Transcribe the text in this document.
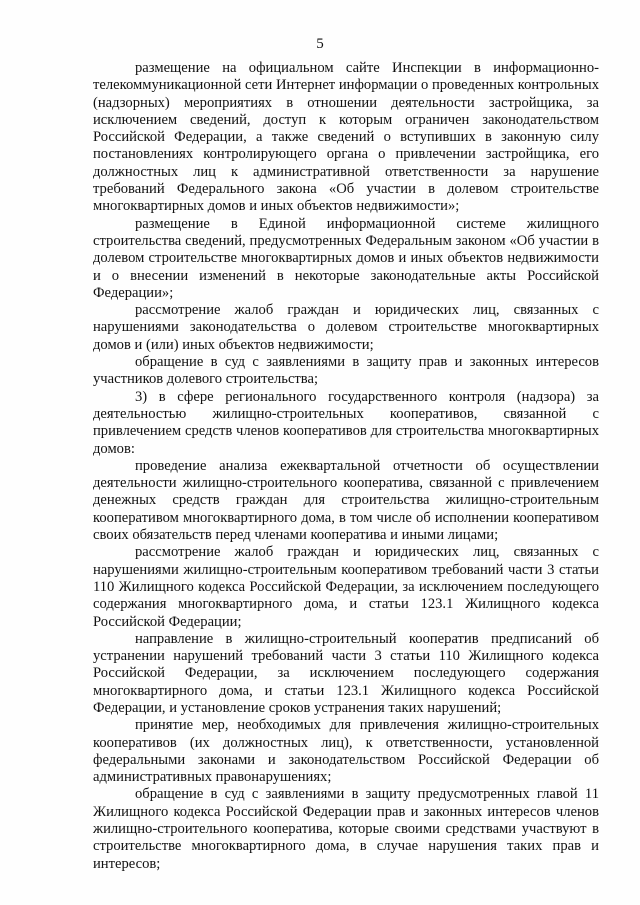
5

размещение на официальном сайте Инспекции в информационно-телекоммуникационной сети Интернет информации о проведенных контрольных (надзорных) мероприятиях в отношении деятельности застройщика, за исключением сведений, доступ к которым ограничен законодательством Российской Федерации, а также сведений о вступивших в законную силу постановлениях контролирующего органа о привлечении застройщика, его должностных лиц к административной ответственности за нарушение требований Федерального закона «Об участии в долевом строительстве многоквартирных домов и иных объектов недвижимости»;

размещение в Единой информационной системе жилищного строительства сведений, предусмотренных Федеральным законом «Об участии в долевом строительстве многоквартирных домов и иных объектов недвижимости и о внесении изменений в некоторые законодательные акты Российской Федерации»;

рассмотрение жалоб граждан и юридических лиц, связанных с нарушениями законодательства о долевом строительстве многоквартирных домов и (или) иных объектов недвижимости;

обращение в суд с заявлениями в защиту прав и законных интересов участников долевого строительства;

3) в сфере регионального государственного контроля (надзора) за деятельностью жилищно-строительных кооперативов, связанной с привлечением средств членов кооперативов для строительства многоквартирных домов:

проведение анализа ежеквартальной отчетности об осуществлении деятельности жилищно-строительного кооператива, связанной с привлечением денежных средств граждан для строительства жилищно-строительным кооперативом многоквартирного дома, в том числе об исполнении кооперативом своих обязательств перед членами кооператива и иными лицами;

рассмотрение жалоб граждан и юридических лиц, связанных с нарушениями жилищно-строительным кооперативом требований части 3 статьи 110 Жилищного кодекса Российской Федерации, за исключением последующего содержания многоквартирного дома, и статьи 123.1 Жилищного кодекса Российской Федерации;

направление в жилищно-строительный кооператив предписаний об устранении нарушений требований части 3 статьи 110 Жилищного кодекса Российской Федерации, за исключением последующего содержания многоквартирного дома, и статьи 123.1 Жилищного кодекса Российской Федерации, и установление сроков устранения таких нарушений;

принятие мер, необходимых для привлечения жилищно-строительных кооперативов (их должностных лиц), к ответственности, установленной федеральными законами и законодательством Российской Федерации об административных правонарушениях;

обращение в суд с заявлениями в защиту предусмотренных главой 11 Жилищного кодекса Российской Федерации прав и законных интересов членов жилищно-строительного кооператива, которые своими средствами участвуют в строительстве многоквартирного дома, в случае нарушения таких прав и интересов;
